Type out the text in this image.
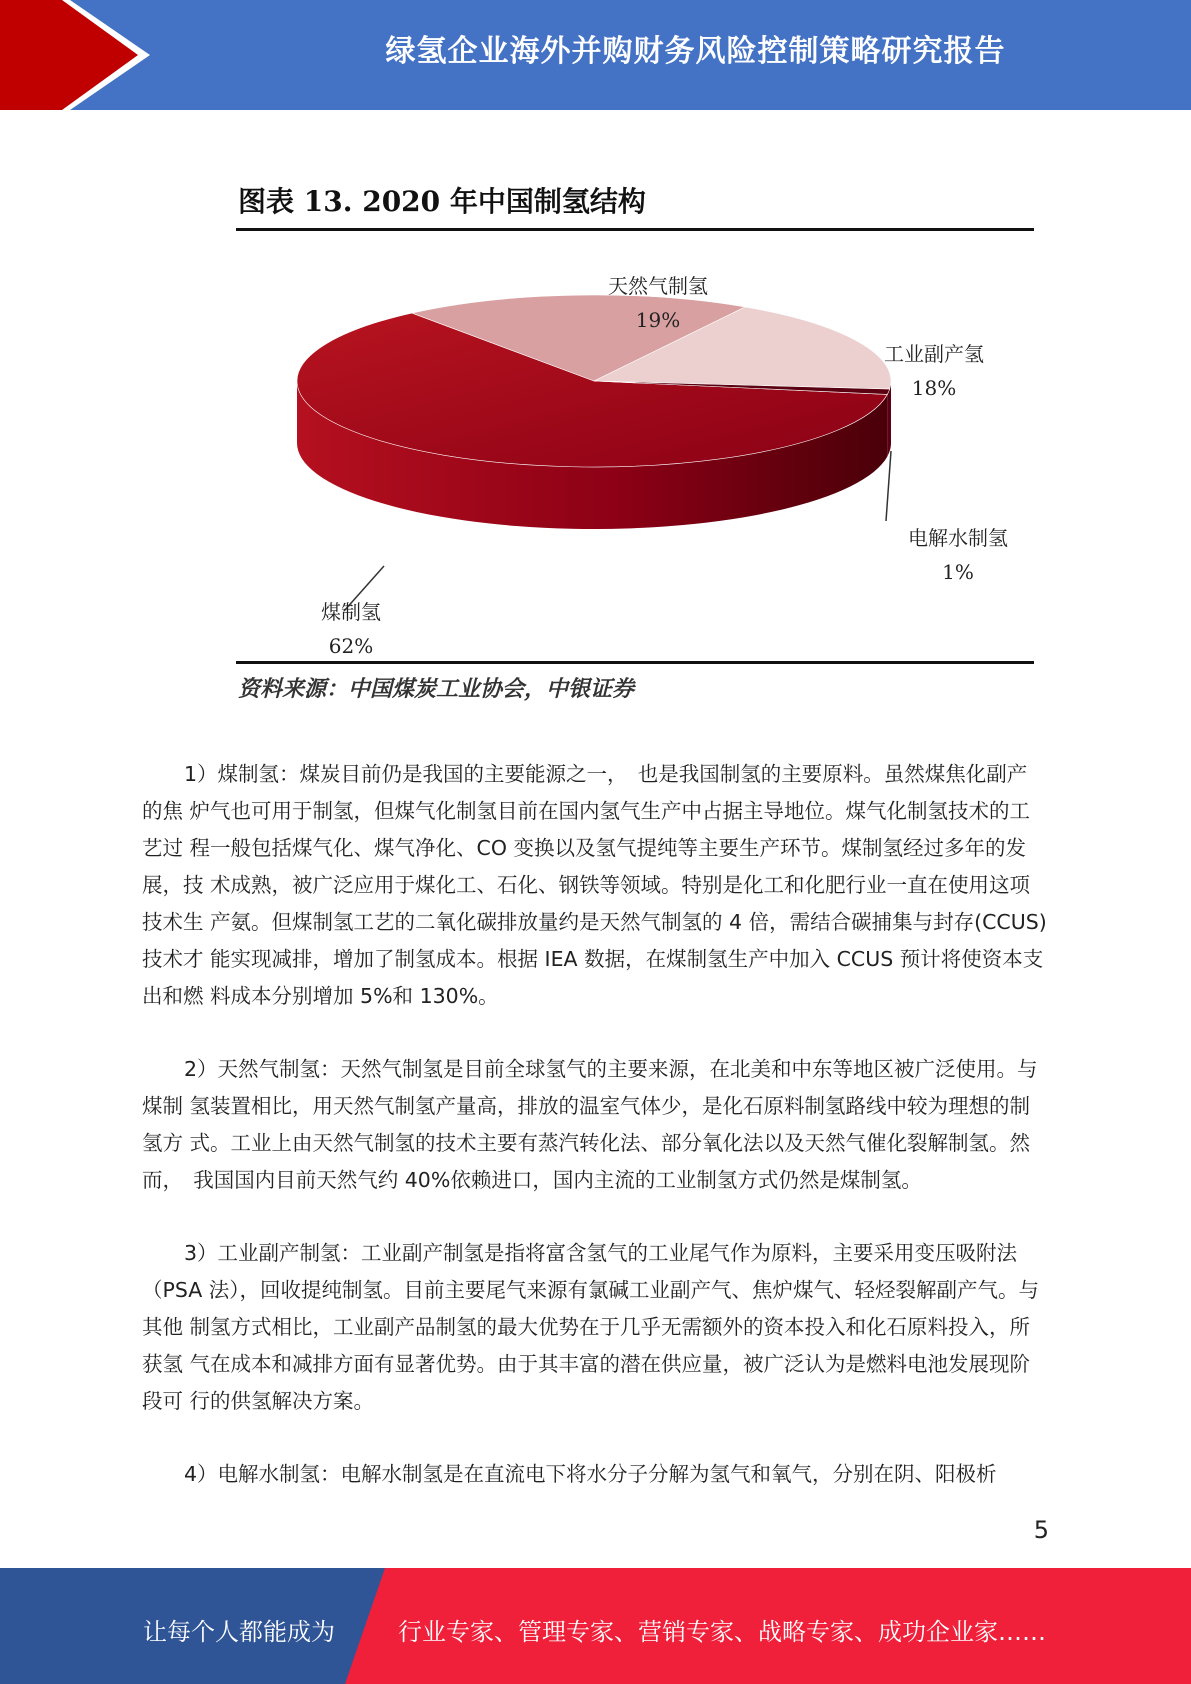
绿氢企业海外并购财务风险控制策略研究报告
图表 13. 2020 年中国制氢结构
煤制氢
62%
天然气制氢
19%
工业副产氢
18%
电解水制氢
1%
资料来源：中国煤炭工业协会，中银证券

1）煤制氢：煤炭目前仍是我国的主要能源之一，　也是我国制氢的主要原料。虽然煤焦化副产的焦 炉气也可用于制氢，但煤气化制氢目前在国内氢气生产中占据主导地位。煤气化制氢技术的工艺过 程一般包括煤气化、煤气净化、CO 变换以及氢气提纯等主要生产环节。煤制氢经过多年的发展，技 术成熟，被广泛应用于煤化工、石化、钢铁等领域。特别是化工和化肥行业一直在使用这项技术生 产氨。但煤制氢工艺的二氧化碳排放量约是天然气制氢的 4 倍，需结合碳捕集与封存(CCUS)技术才 能实现减排，增加了制氢成本。根据 IEA 数据，在煤制氢生产中加入 CCUS 预计将使资本支出和燃 料成本分别增加 5%和 130%。

2）天然气制氢：天然气制氢是目前全球氢气的主要来源，在北美和中东等地区被广泛使用。与煤制 氢装置相比，用天然气制氢产量高，排放的温室气体少，是化石原料制氢路线中较为理想的制氢方 式。工业上由天然气制氢的技术主要有蒸汽转化法、部分氧化法以及天然气催化裂解制氢。然而，　我国国内目前天然气约 40%依赖进口，国内主流的工业制氢方式仍然是煤制氢。

3）工业副产制氢：工业副产制氢是指将富含氢气的工业尾气作为原料，主要采用变压吸附法（PSA 法），回收提纯制氢。目前主要尾气来源有氯碱工业副产气、焦炉煤气、轻烃裂解副产气。与其他 制氢方式相比，工业副产品制氢的最大优势在于几乎无需额外的资本投入和化石原料投入，所获氢 气在成本和减排方面有显著优势。由于其丰富的潜在供应量，被广泛认为是燃料电池发展现阶段可 行的供氢解决方案。

4）电解水制氢：电解水制氢是在直流电下将水分子分解为氢气和氧气，分别在阴、阳极析

5
让每个人都能成为	行业专家、管理专家、营销专家、战略专家、成功企业家……
